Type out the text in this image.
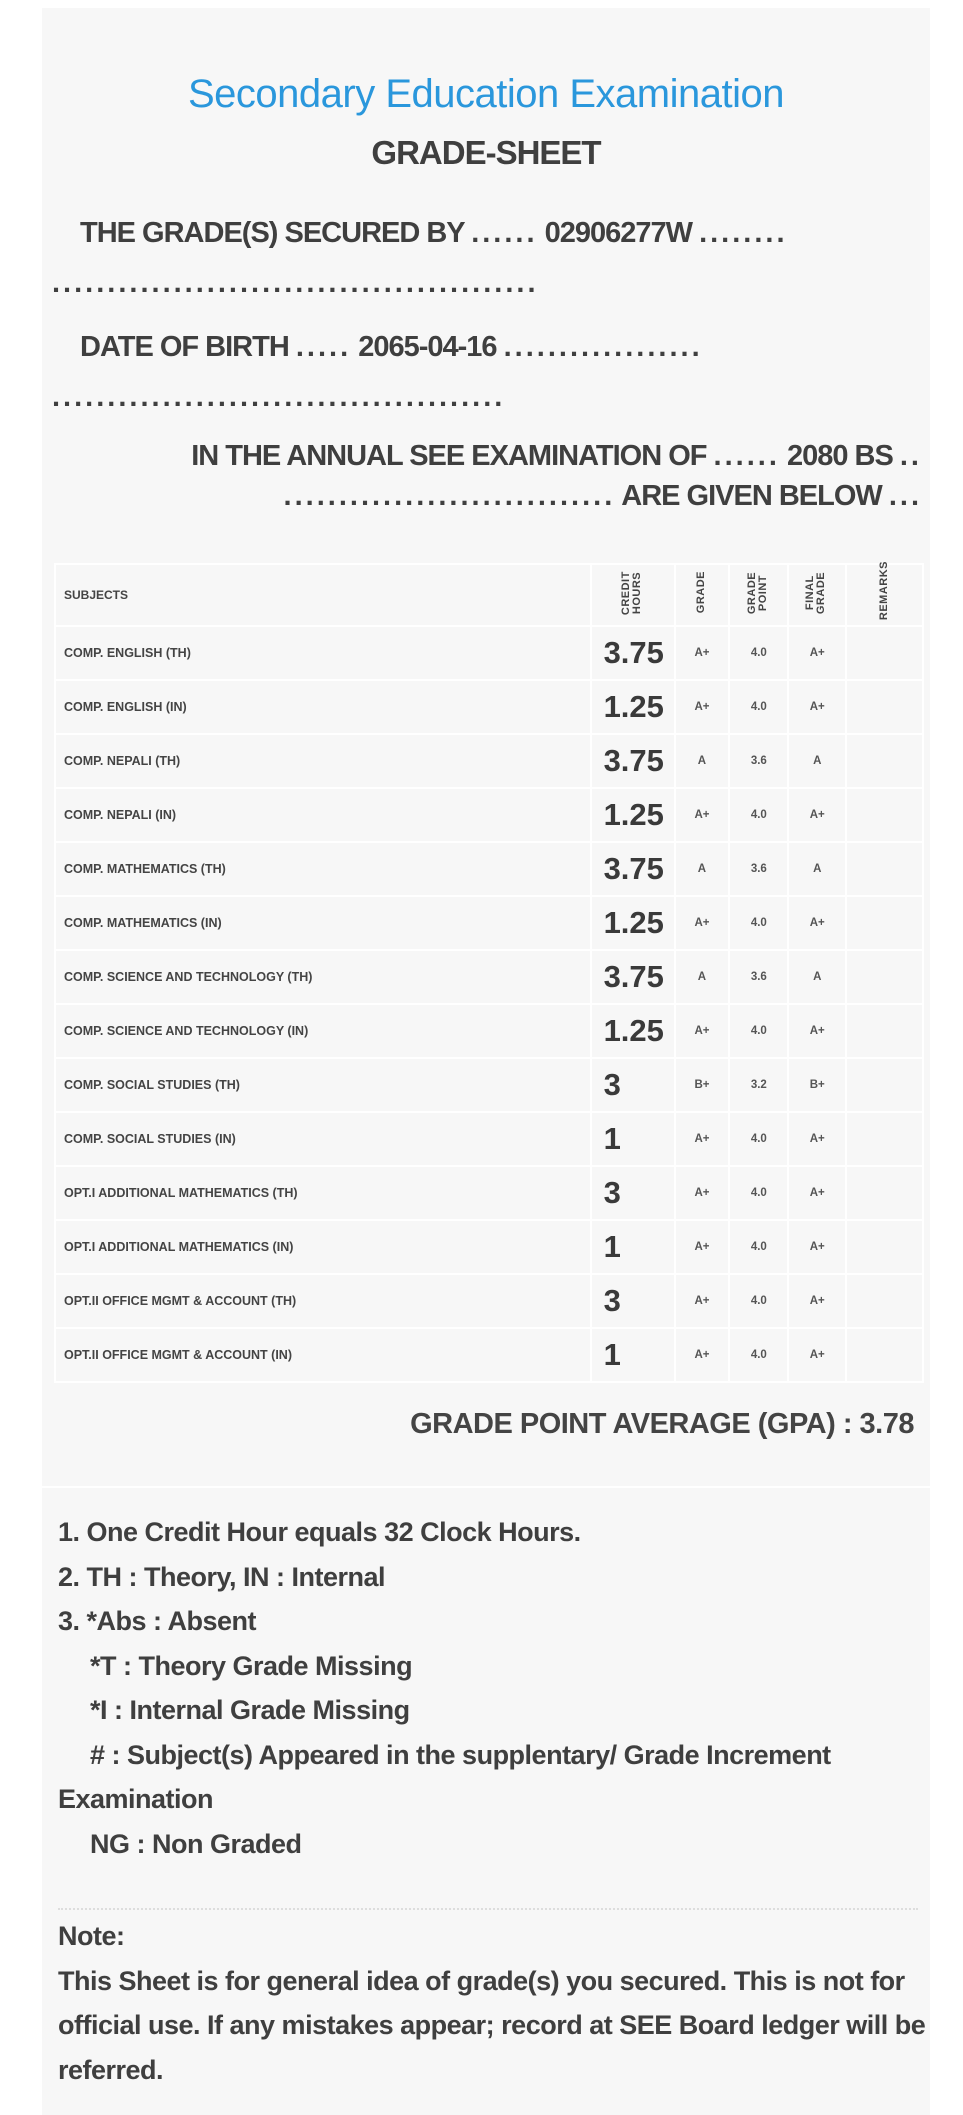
Secondary Education Examination
GRADE-SHEET
THE GRADE(S) SECURED BY ...... 02906277W ........
............................................
DATE OF BIRTH ..... 2065-04-16 ..................
.........................................
IN THE ANNUAL SEE EXAMINATION OF ...... 2080 BS ..
.............................. ARE GIVEN BELOW ...
SUBJECTS	CREDIT HOURS	GRADE	GRADE POINT	FINAL GRADE	REMARKS
COMP. ENGLISH (TH)	3.75	A+	4.0	A+	
COMP. ENGLISH (IN)	1.25	A+	4.0	A+	
COMP. NEPALI (TH)	3.75	A	3.6	A	
COMP. NEPALI (IN)	1.25	A+	4.0	A+	
COMP. MATHEMATICS (TH)	3.75	A	3.6	A	
COMP. MATHEMATICS (IN)	1.25	A+	4.0	A+	
COMP. SCIENCE AND TECHNOLOGY (TH)	3.75	A	3.6	A	
COMP. SCIENCE AND TECHNOLOGY (IN)	1.25	A+	4.0	A+	
COMP. SOCIAL STUDIES (TH)	3	B+	3.2	B+	
COMP. SOCIAL STUDIES (IN)	1	A+	4.0	A+	
OPT.I ADDITIONAL MATHEMATICS (TH)	3	A+	4.0	A+	
OPT.I ADDITIONAL MATHEMATICS (IN)	1	A+	4.0	A+	
OPT.II OFFICE MGMT & ACCOUNT (TH)	3	A+	4.0	A+	
OPT.II OFFICE MGMT & ACCOUNT (IN)	1	A+	4.0	A+	
GRADE POINT AVERAGE (GPA) : 3.78
1. One Credit Hour equals 32 Clock Hours.
2. TH : Theory, IN : Internal
3. *Abs : Absent
*T : Theory Grade Missing
*I : Internal Grade Missing
# : Subject(s) Appeared in the supplentary/ Grade Increment Examination
NG : Non Graded
Note:
This Sheet is for general idea of grade(s) you secured. This is not for official use. If any mistakes appear; record at SEE Board ledger will be referred.
